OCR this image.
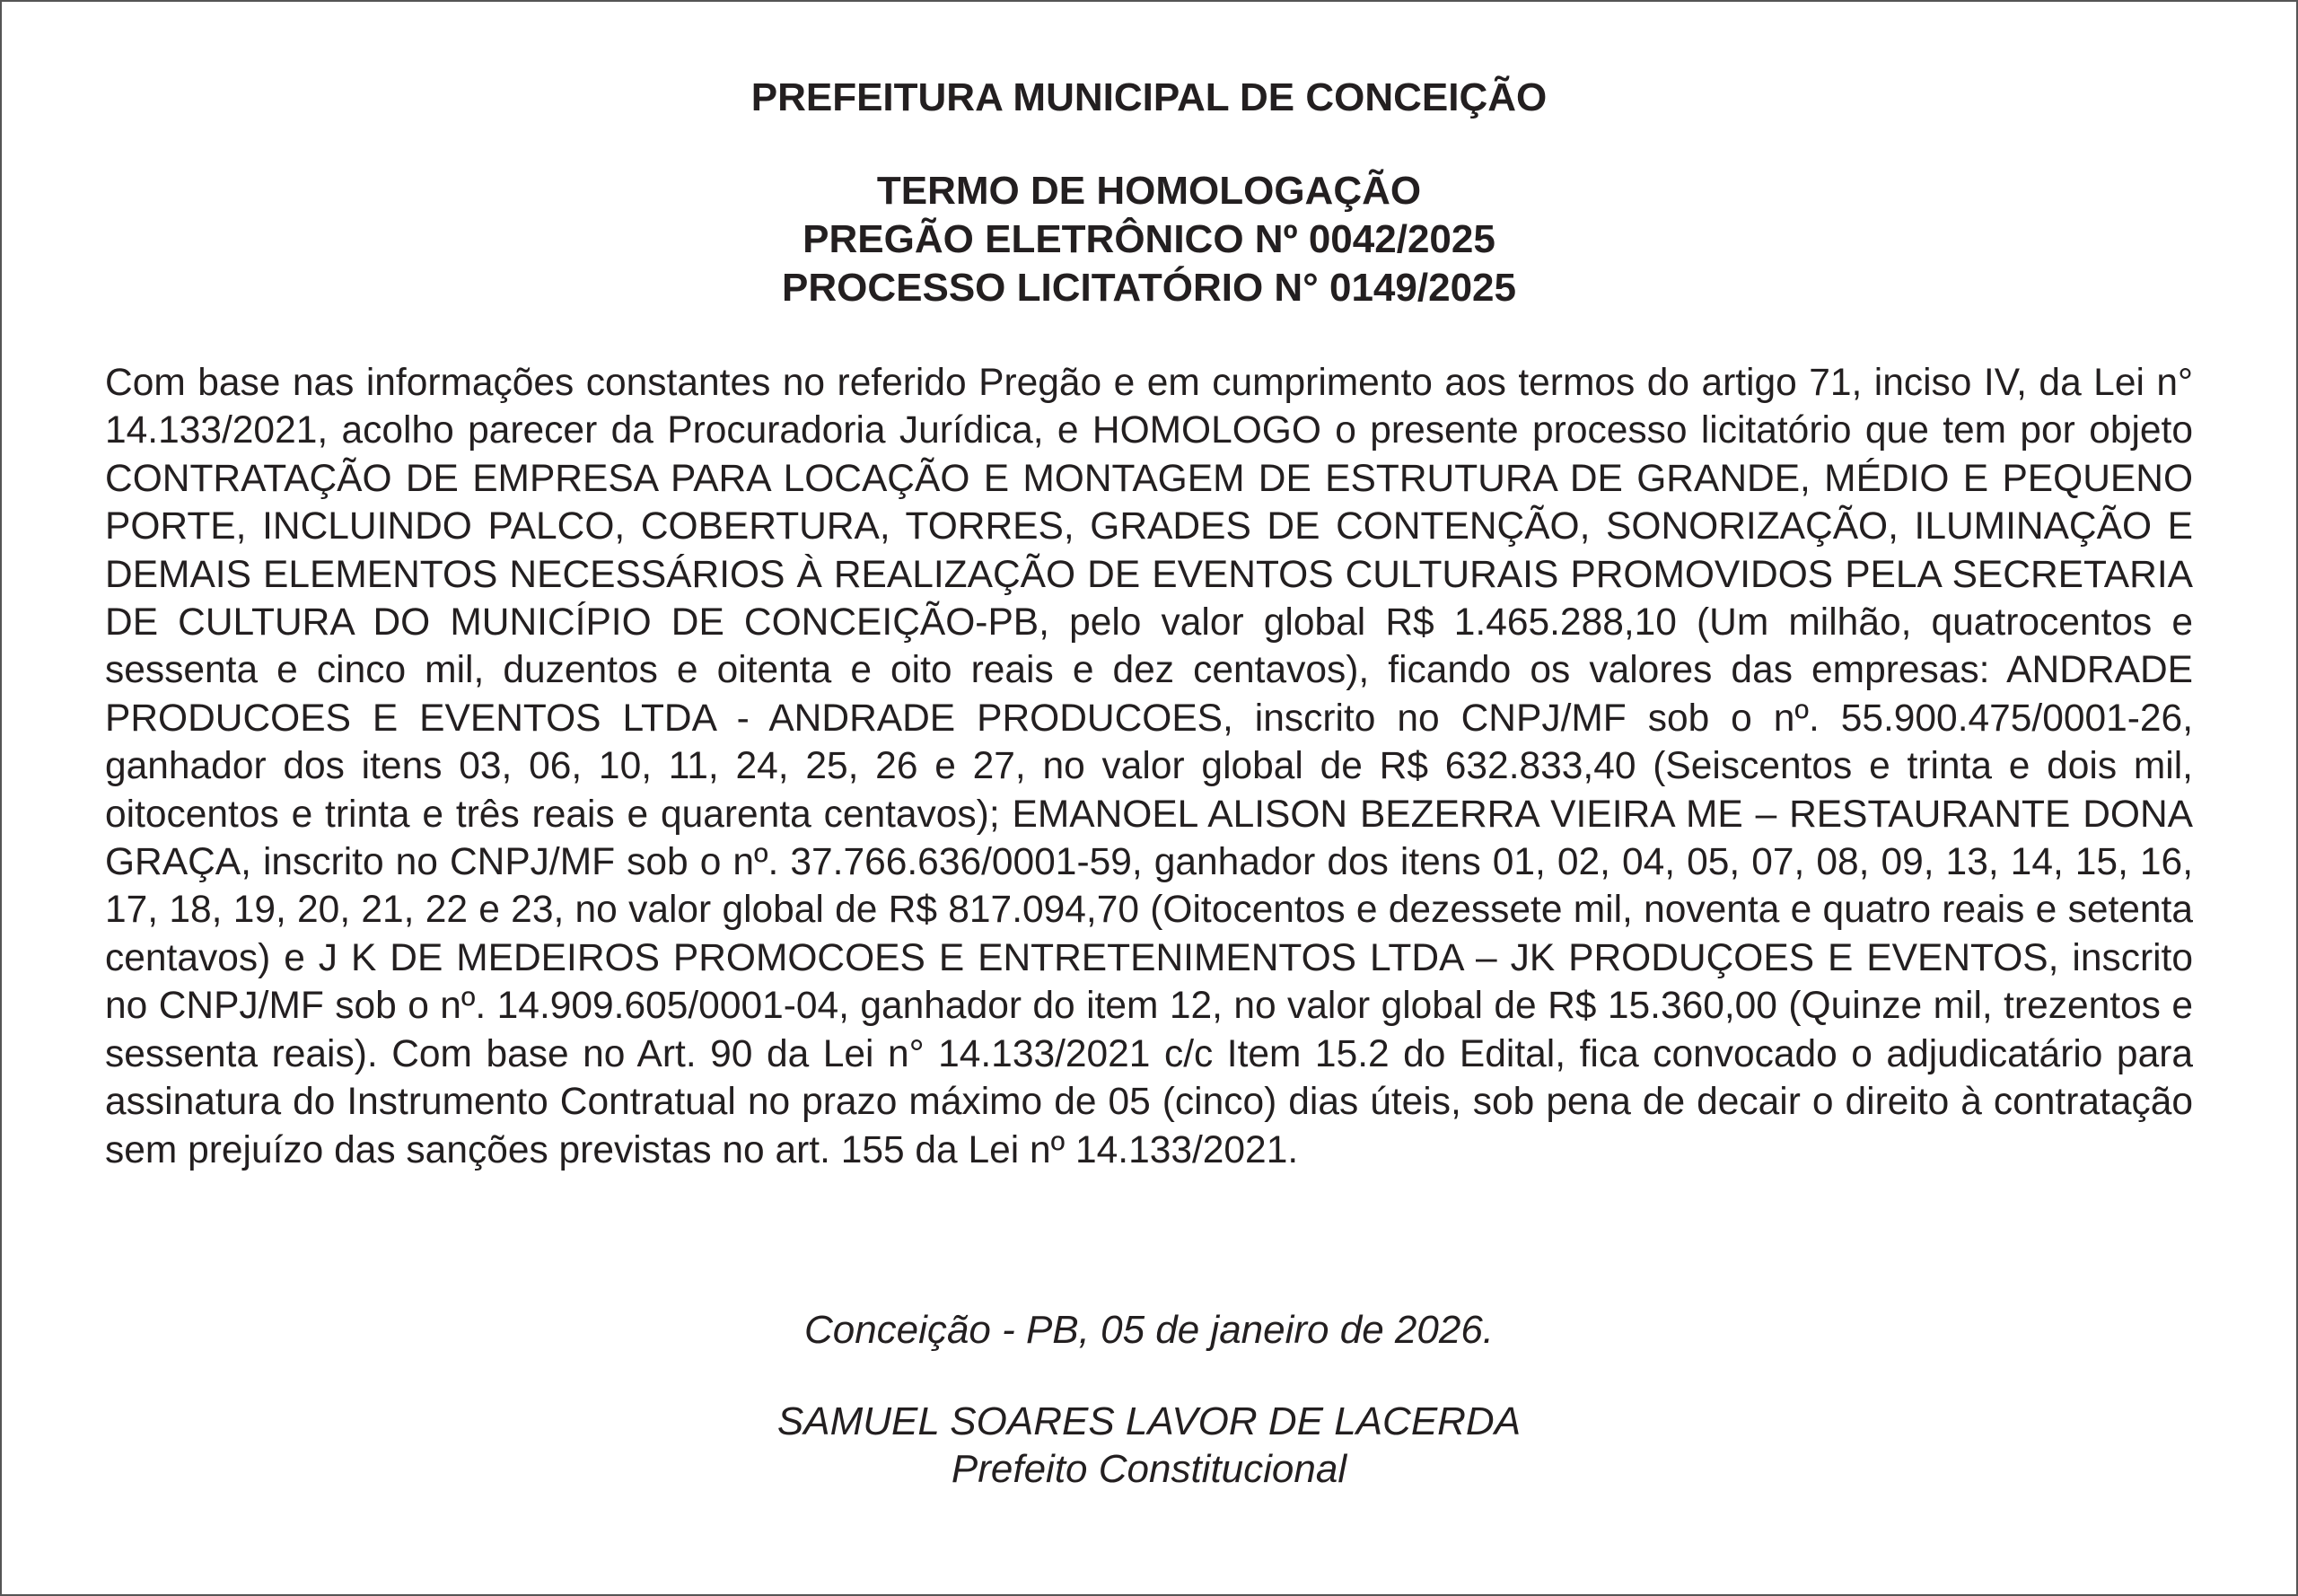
PREFEITURA MUNICIPAL DE CONCEIÇÃO
TERMO DE HOMOLOGAÇÃO
PREGÃO ELETRÔNICO Nº 0042/2025
PROCESSO LICITATÓRIO N° 0149/2025

Com base nas informações constantes no referido Pregão e em cumprimento aos termos do artigo 71, inciso IV, da Lei n° 14.133/2021, acolho parecer da Procuradoria Jurídica, e HOMOLOGO o presente processo licitatório que tem por objeto CONTRATAÇÃO DE EMPRESA PARA LOCAÇÃO E MONTAGEM DE ESTRUTURA DE GRANDE, MÉDIO E PEQUENO PORTE, INCLUINDO PALCO, COBERTURA, TORRES, GRADES DE CONTENÇÃO, SONORIZAÇÃO, ILUMINAÇÃO E DEMAIS ELEMENTOS NECESSÁRIOS À REALIZAÇÃO DE EVENTOS CULTURAIS PROMOVIDOS PELA SECRETARIA DE CULTURA DO MUNICÍPIO DE CONCEIÇÃO-PB, pelo valor global R$ 1.465.288,10 (Um milhão, quatrocentos e sessenta e cinco mil, duzentos e oitenta e oito reais e dez centavos), ficando os valores das empresas: ANDRADE PRODUCOES E EVENTOS LTDA - ANDRADE PRODUCOES, inscrito no CNPJ/MF sob o nº. 55.900.475/0001-26, ganhador dos itens 03, 06, 10, 11, 24, 25, 26 e 27, no valor global de R$ 632.833,40 (Seiscentos e trinta e dois mil, oitocentos e trinta e três reais e quarenta centavos); EMANOEL ALISON BEZERRA VIEIRA ME – RESTAURANTE DONA GRAÇA, inscrito no CNPJ/MF sob o nº. 37.766.636/0001-59, ganhador dos itens 01, 02, 04, 05, 07, 08, 09, 13, 14, 15, 16, 17, 18, 19, 20, 21, 22 e 23, no valor global de R$ 817.094,70 (Oitocentos e dezessete mil, noventa e quatro reais e setenta centavos) e J K DE MEDEIROS PROMOCOES E ENTRETENIMENTOS LTDA – JK PRODUÇOES E EVENTOS, inscrito no CNPJ/MF sob o nº. 14.909.605/0001-04, ganhador do item 12, no valor global de R$ 15.360,00 (Quinze mil, trezentos e sessenta reais). Com base no Art. 90 da Lei n° 14.133/2021 c/c Item 15.2 do Edital, fica convocado o adjudicatário para assinatura do Instrumento Contratual no prazo máximo de 05 (cinco) dias úteis, sob pena de decair o direito à contratação sem prejuízo das sanções previstas no art. 155 da Lei nº 14.133/2021.

Conceição - PB, 05 de janeiro de 2026.
SAMUEL SOARES LAVOR DE LACERDA
Prefeito Constitucional
